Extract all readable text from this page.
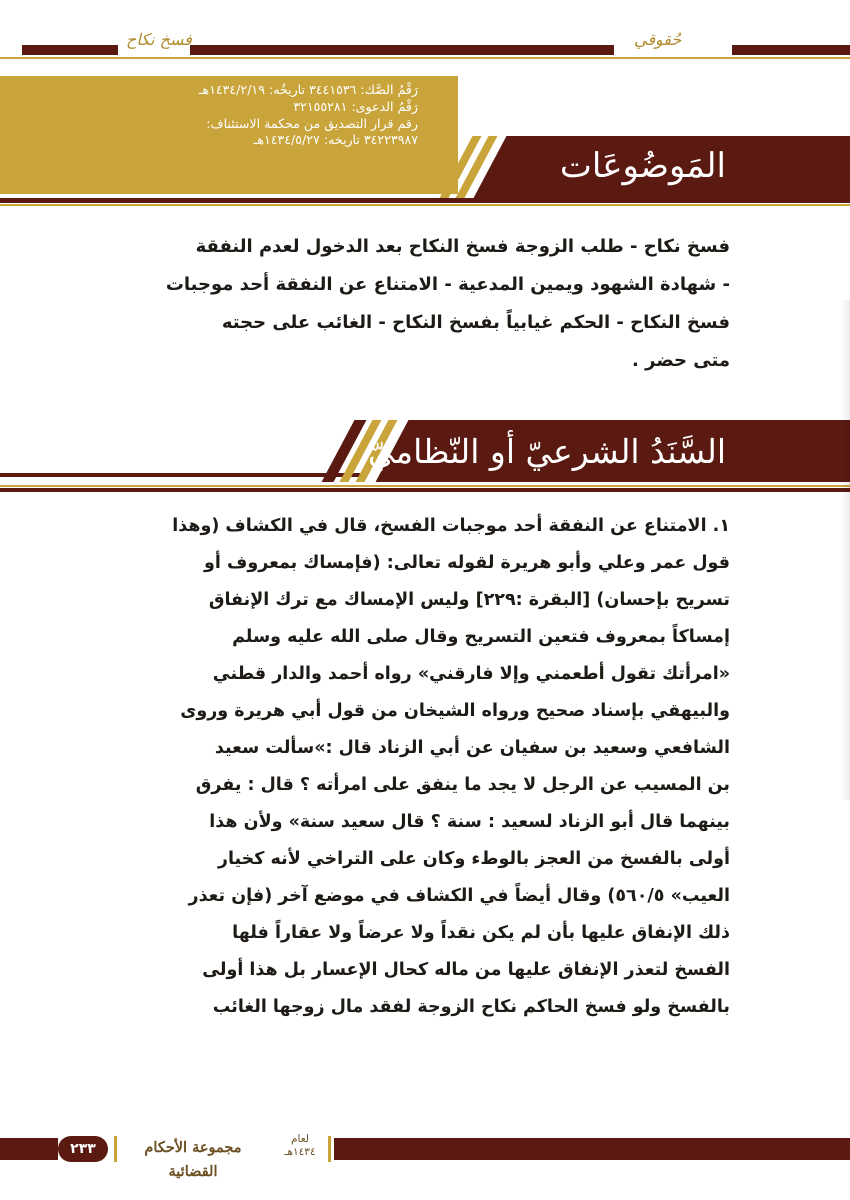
فسخ نكاح	حُقوقي
رَقْمُ الصَّك: ٣٤٤١٥٣٦ تاريخُه: ١٤٣٤/٢/١٩هـ
رَقْمُ الدعوى: ٣٢١٥٥٢٨١
رقم قرار التصديق من محكمة الاستئناف:
٣٤٢٢٣٩٨٧ تاريخه: ١٤٣٤/٥/٢٧هـ
المَوضُوعَات
فسخ نكاح - طلب الزوجة فسخ النكاح بعد الدخول لعدم النفقة
- شهادة الشهود ويمين المدعية - الامتناع عن النفقة أحد موجبات
فسخ النكاح - الحكم غيابياً بفسخ النكاح - الغائب على حجته
متى حضر .
السَّنَدُ الشرعيّ أو النّظاميّ
١. الامتناع عن النفقة أحد موجبات الفسخ، قال في الكشاف (وهذا
قول عمر وعلي وأبو هريرة لقوله تعالى: (فإمساك بمعروف أو
تسريح بإحسان) [البقرة :٢٢٩] وليس الإمساك مع ترك الإنفاق
إمساكاً بمعروف فتعين التسريح وقال صلى الله عليه وسلم
«امرأتك تقول أطعمني وإلا فارقني» رواه أحمد والدار قطني
والبيهقي بإسناد صحيح ورواه الشيخان من قول أبي هريرة وروى
الشافعي وسعيد بن سفيان عن أبي الزناد قال :»سألت سعيد
بن المسيب عن الرجل لا يجد ما ينفق على امرأته ؟ قال : يفرق
بينهما قال أبو الزناد لسعيد : سنة ؟ قال سعيد سنة» ولأن هذا
أولى بالفسخ من العجز بالوطء وكان على التراخي لأنه كخيار
العيب» ٥٦٠/٥) وقال أيضاً في الكشاف في موضع آخر (فإن تعذر
ذلك الإنفاق عليها بأن لم يكن نقداً ولا عرضاً ولا عقاراً فلها
الفسخ لتعذر الإنفاق عليها من ماله كحال الإعسار بل هذا أولى
بالفسخ ولو فسخ الحاكم نكاح الزوجة لفقد مال زوجها الغائب
٢٣٣	مجموعة الأحكام القضائية
لعام
١٤٣٤هـ
